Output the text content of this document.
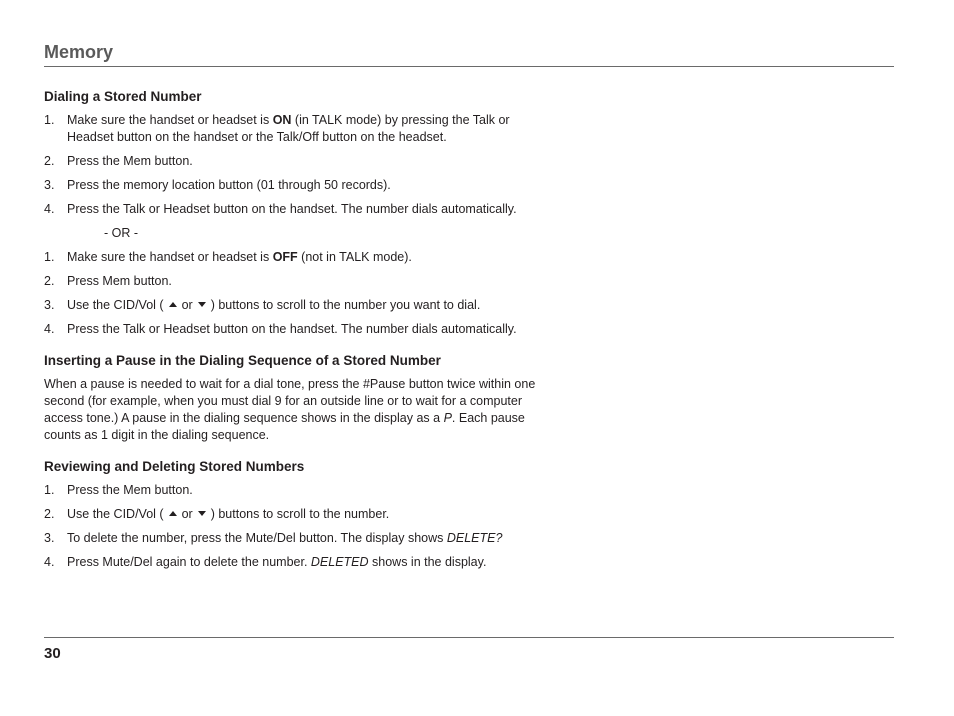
Memory
Dialing a Stored Number
1. Make sure the handset or headset is ON (in TALK mode) by pressing the Talk or Headset button on the handset or the Talk/Off button on the headset.
2. Press the Mem button.
3. Press the memory location button (01 through 50 records).
4. Press the Talk or Headset button on the handset. The number dials automatically.
- OR -
1. Make sure the handset or headset is OFF (not in TALK mode).
2. Press Mem button.
3. Use the CID/Vol ( or ) buttons to scroll to the number you want to dial.
4. Press the Talk or Headset button on the handset. The number dials automatically.
Inserting a Pause in the Dialing Sequence of a Stored Number

When a pause is needed to wait for a dial tone, press the #Pause button twice within one second (for example, when you must dial 9 for an outside line or to wait for a computer access tone.) A pause in the dialing sequence shows in the display as a P. Each pause counts as 1 digit in the dialing sequence.

Reviewing and Deleting Stored Numbers
1. Press the Mem button.
2. Use the CID/Vol ( or ) buttons to scroll to the number.
3. To delete the number, press the Mute/Del button. The display shows DELETE?
4. Press Mute/Del again to delete the number. DELETED shows in the display.
30
